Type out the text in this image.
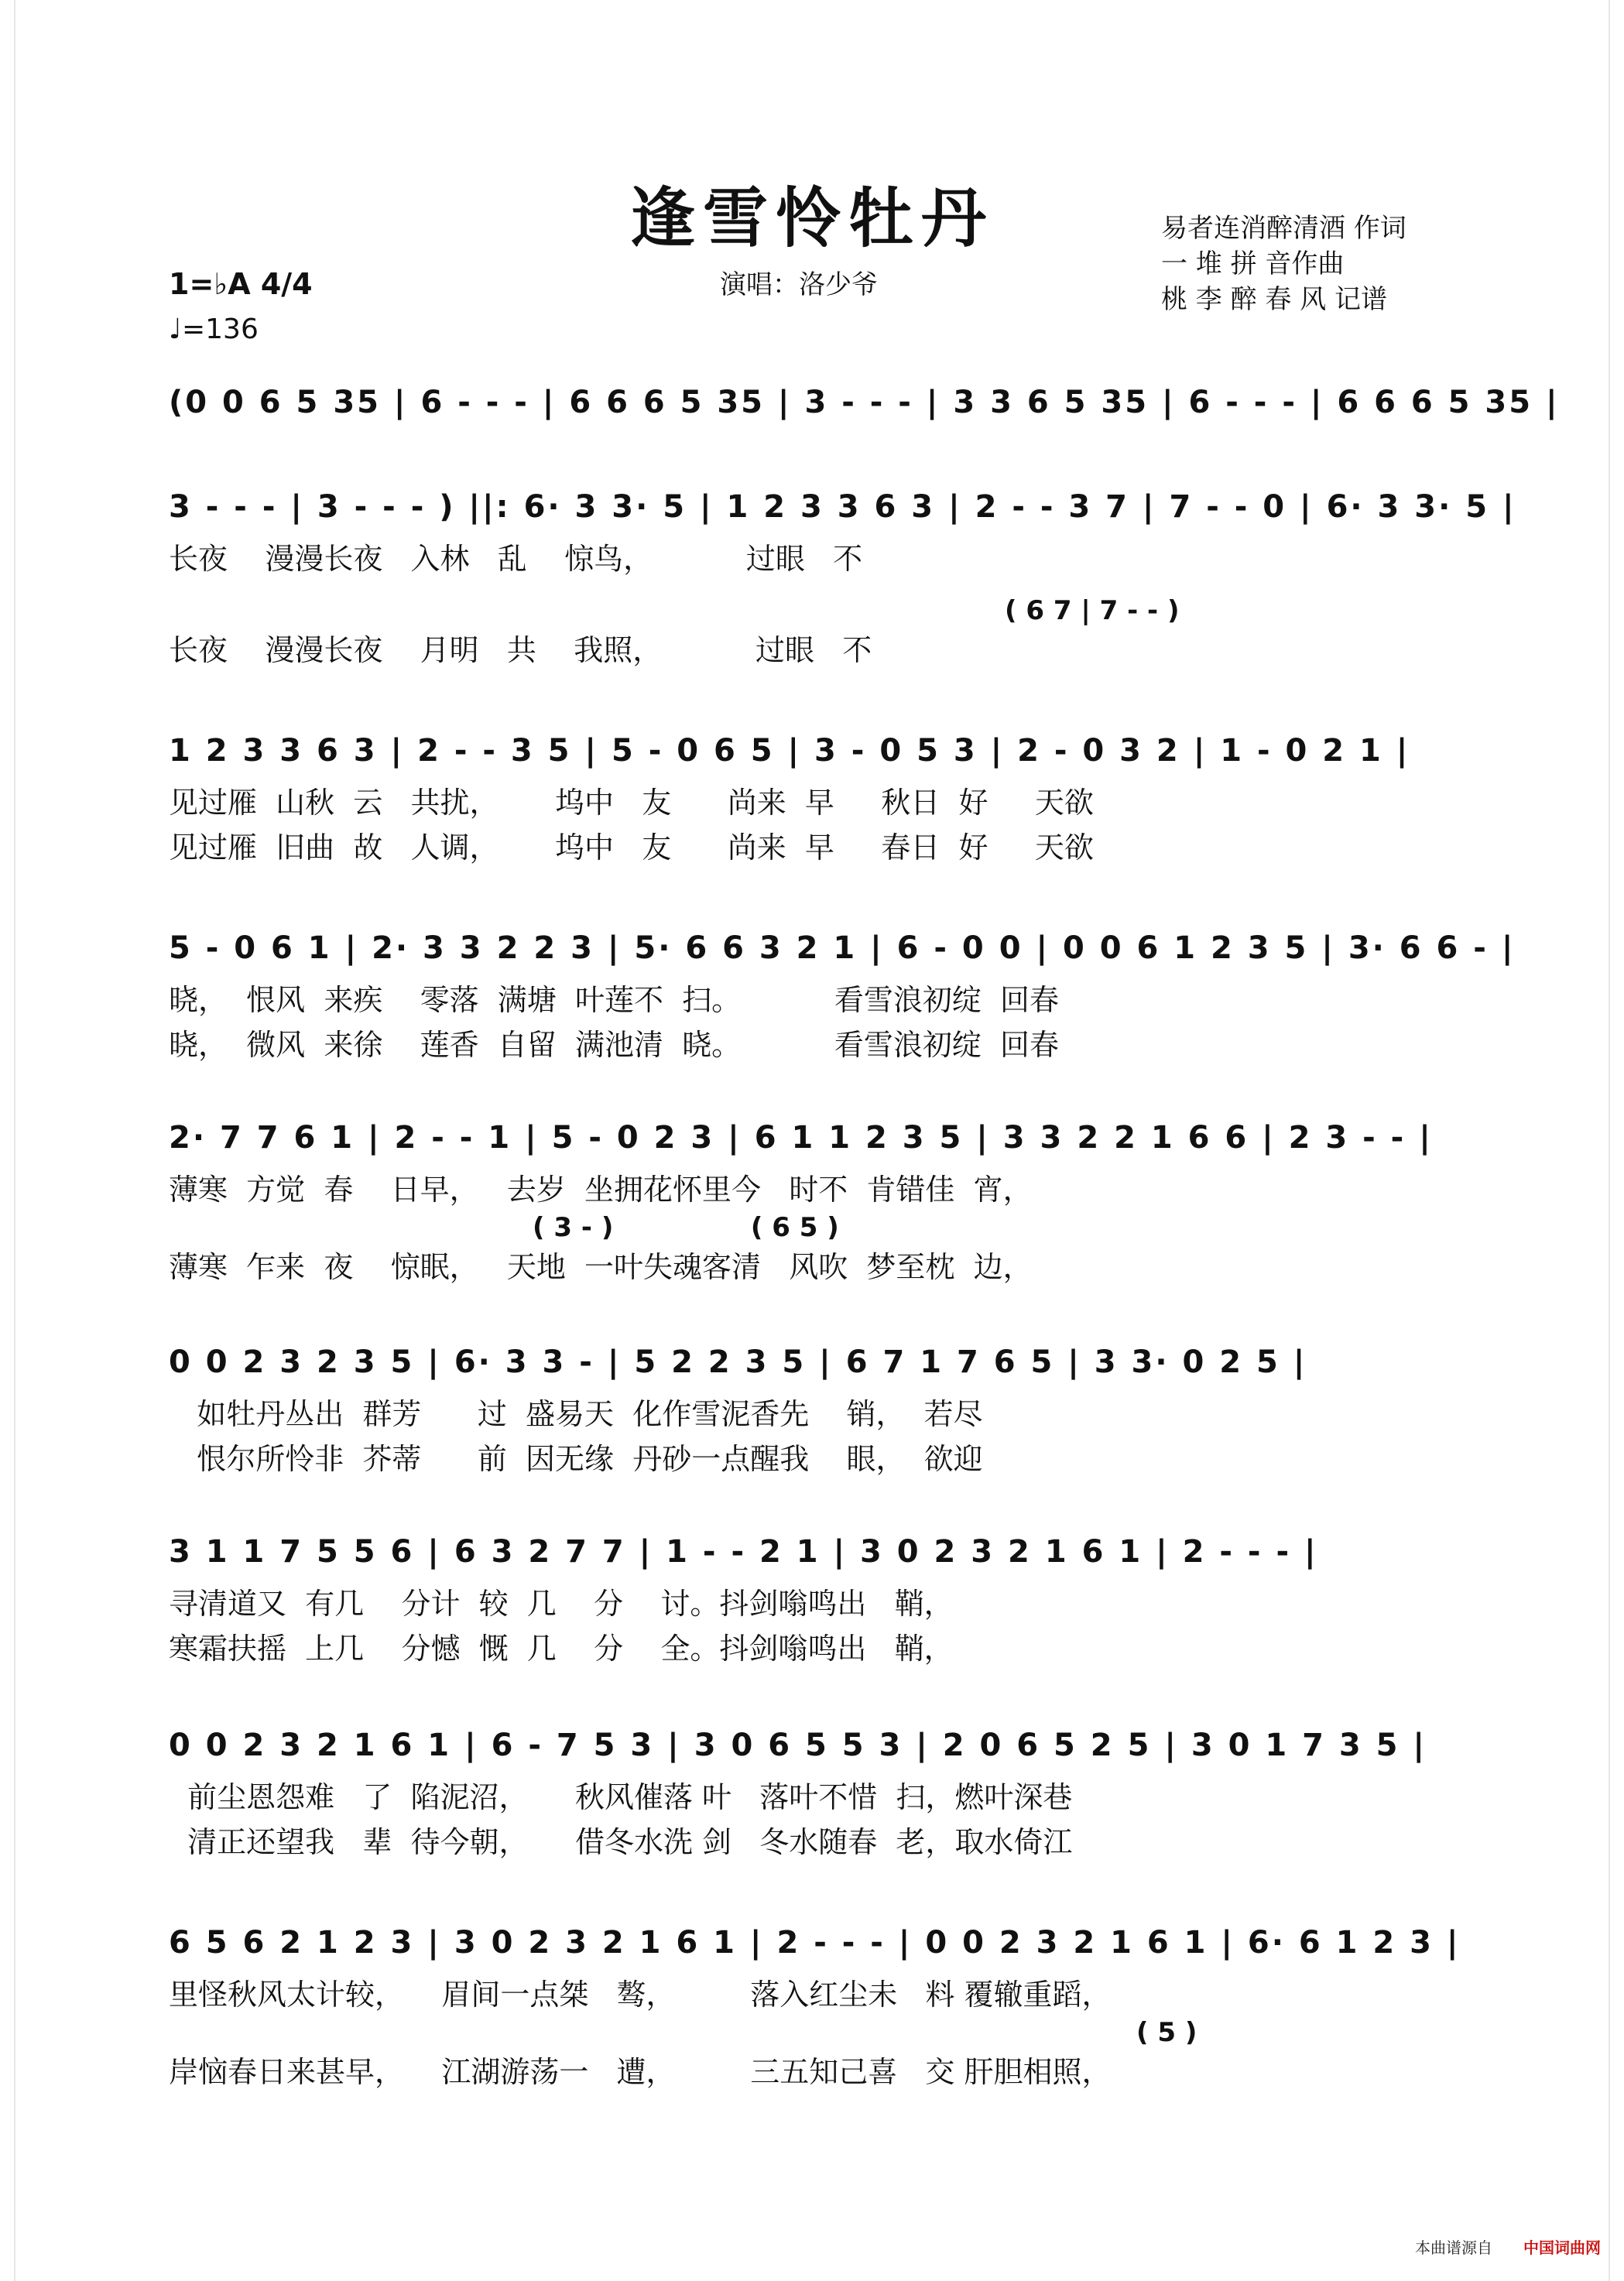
逢雪怜牡丹	易者连消醉清酒 作词
一 堆 拼 音作曲
桃 李 醉 春 风 记谱
演唱：洛少爷
1=♭A 4/4
♩=136
(0 0 6 5 35 | 6 - - - | 6 6 6 5 35 | 3 - - - | 3 3 6 5 35 | 6 - - - | 6 6 6 5 35 |
3 - - - | 3 - - - ) ||: 6· 3 3· 5 | 1 2 3 3 6 3 | 2 - - 3 7 | 7 - - 0 | 6· 3 3· 5 |
长夜    漫漫长夜   入林   乱    惊鸟，          过眼   不
( 6 7 | 7 - - )
长夜    漫漫长夜    月明   共    我照，          过眼   不
1 2 3 3 6 3 | 2 - - 3 5 | 5 - 0 6 5 | 3 - 0 5 3 | 2 - 0 3 2 | 1 - 0 2 1 |
见过雁  山秋  云   共扰，      坞中   友      尚来  早     秋日  好     天欲
见过雁  旧曲  故   人调，      坞中   友      尚来  早     春日  好     天欲
5 - 0 6 1 | 2· 3 3 2 2 3 | 5· 6 6 3 2 1 | 6 - 0 0 | 0 0 6 1 2 3 5 | 3· 6 6 - |
晓，  恨风  来疾    零落  满塘  叶莲不  扫。          看雪浪初绽  回春
晓，  微风  来徐    莲香  自留  满池清  晓。          看雪浪初绽  回春
2· 7 7 6 1 | 2 - - 1 | 5 - 0 2 3 | 6 1 1 2 3 5 | 3 3 2 2 1 6 6 | 2 3 - - |
薄寒  方觉  春    日早，   去岁  坐拥花怀里今   时不  肯错佳  宵，
( 3 - )               ( 6 5 )
薄寒  乍来  夜    惊眠，   天地  一叶失魂客清   风吹  梦至枕  边，
0 0 2 3 2 3 5 | 6· 3 3 - | 5 2 2 3 5 | 6 7 1 7 6 5 | 3 3· 0 2 5 |
如牡丹丛出  群芳      过  盛易天  化作雪泥香先    销，  若尽
恨尔所怜非  芥蒂      前  因无缘  丹砂一点醒我    眼，  欲迎
3 1 1 7 5 5 6 | 6 3 2 7 7 | 1 - - 2 1 | 3 0 2 3 2 1 6 1 | 2 - - - |
寻清道又  有几    分计  较  几    分    讨。抖剑嗡鸣出   鞘，
寒霜扶摇  上几    分憾  慨  几    分    全。抖剑嗡鸣出   鞘，
0 0 2 3 2 1 6 1 | 6 - 7 5 3 | 3 0 6 5 5 3 | 2 0 6 5 2 5 | 3 0 1 7 3 5 |
前尘恩怨难   了  陷泥沼，     秋风催落 叶   落叶不惜  扫，燃叶深巷
清正还望我   辈  待今朝，     借冬水洗 剑   冬水随春  老，取水倚江
6 5 6 2 1 2 3 | 3 0 2 3 2 1 6 1 | 2 - - - | 0 0 2 3 2 1 6 1 | 6· 6 1 2 3 |
里怪秋风太计较，    眉间一点桀   骜，        落入红尘未   料 覆辙重蹈，
( 5 )
岸恼春日来甚早，    江湖游荡一   遭，        三五知己喜   交 肝胆相照，
本曲谱源自 中国词曲网
